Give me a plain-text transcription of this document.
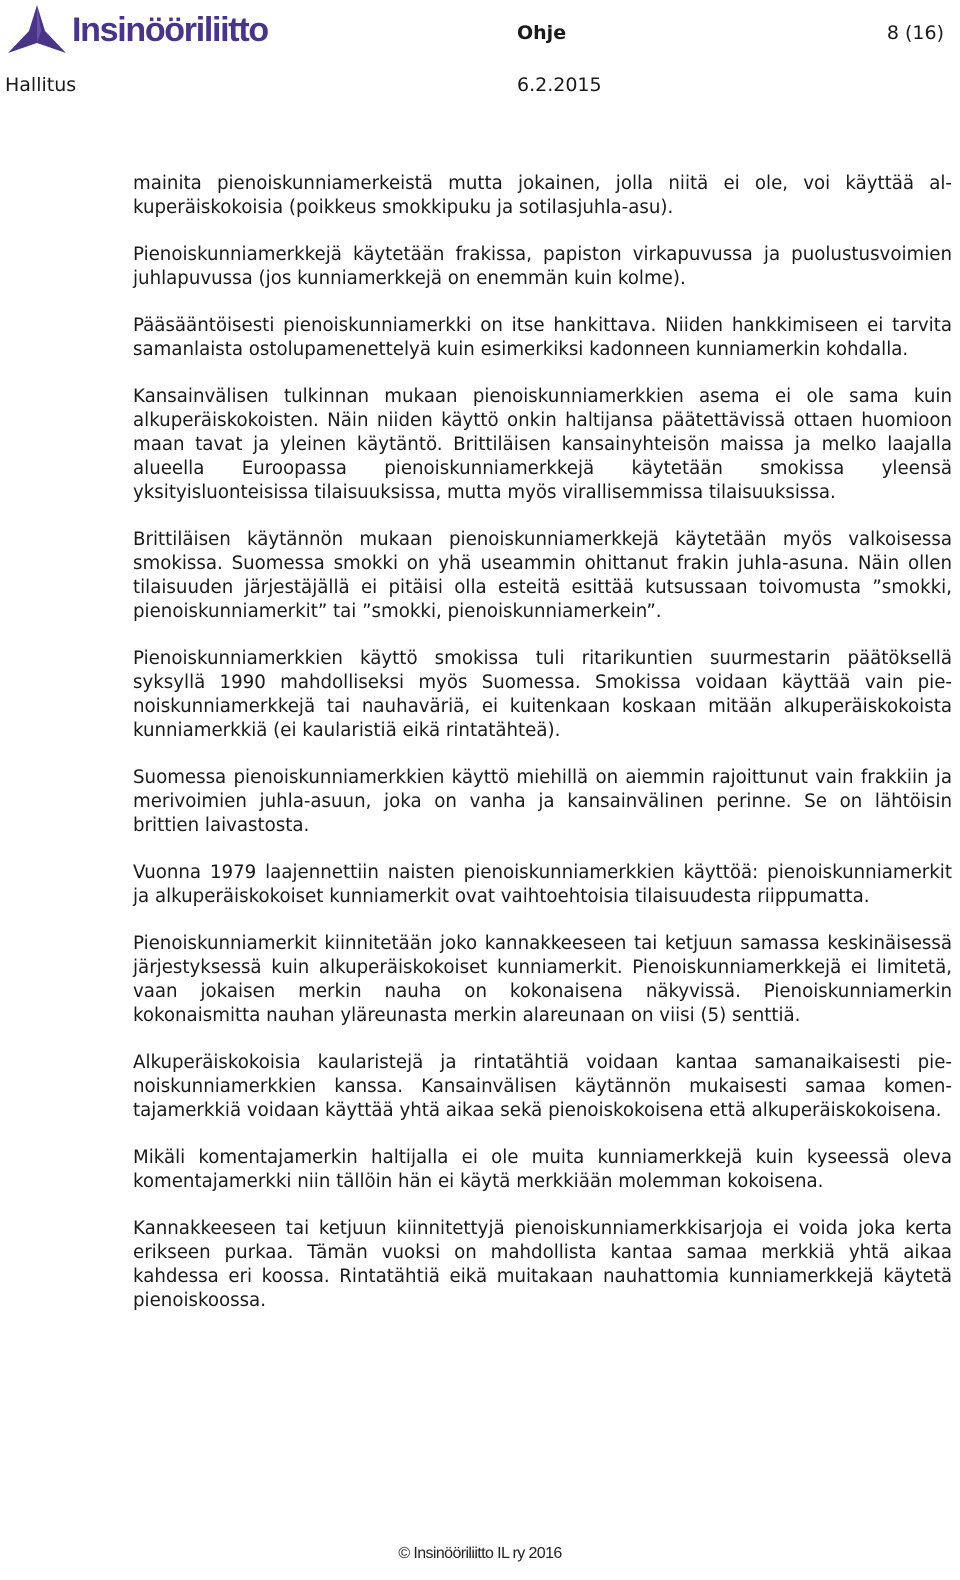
Insinööriliitto	Ohje	8 (16)
Hallitus	6.2.2015

mainita pienoiskunniamerkeistä mutta jokainen, jolla niitä ei ole, voi käyttää alkuperäiskokoisia (poikkeus smokkipuku ja sotilasjuhla-asu).

Pienoiskunniamerkkejä käytetään frakissa, papiston virkapuvussa ja puolustusvoimien juhlapuvussa (jos kunniamerkkejä on enemmän kuin kolme).

Pääsääntöisesti pienoiskunniamerkki on itse hankittava. Niiden hankkimiseen ei tarvita samanlaista ostolupamenettelyä kuin esimerkiksi kadonneen kunniamerkin kohdalla.

Kansainvälisen tulkinnan mukaan pienoiskunniamerkkien asema ei ole sama kuin alkuperäiskokoisten. Näin niiden käyttö onkin haltijansa päätettävissä ottaen huomioon maan tavat ja yleinen käytäntö. Brittiläisen kansainyhteisön maissa ja melko laajalla alueella Euroopassa pienoiskunniamerkkejä käytetään smokissa yleensä yksityisluonteisissa tilaisuuksissa, mutta myös virallisemmissa tilaisuuksissa.

Brittiläisen käytännön mukaan pienoiskunniamerkkejä käytetään myös valkoisessa smokissa. Suomessa smokki on yhä useammin ohittanut frakin juhla-asuna. Näin ollen tilaisuuden järjestäjällä ei pitäisi olla esteitä esittää kutsussaan toivomusta ”smokki, pienoiskunniamerkit” tai ”smokki, pienoiskunniamerkein”.

Pienoiskunniamerkkien käyttö smokissa tuli ritarikuntien suurmestarin päätöksellä syksyllä 1990 mahdolliseksi myös Suomessa. Smokissa voidaan käyttää vain pienoiskunniamerkkejä tai nauhaväriä, ei kuitenkaan koskaan mitään alkuperäiskokoista kunniamerkkiä (ei kaularistiä eikä rintatähteä).

Suomessa pienoiskunniamerkkien käyttö miehillä on aiemmin rajoittunut vain frakkiin ja merivoimien juhla-asuun, joka on vanha ja kansainvälinen perinne. Se on lähtöisin brittien laivastosta.

Vuonna 1979 laajennettiin naisten pienoiskunniamerkkien käyttöä: pienoiskunniamerkit ja alkuperäiskokoiset kunniamerkit ovat vaihtoehtoisia tilaisuudesta riippumatta.

Pienoiskunniamerkit kiinnitetään joko kannakkeeseen tai ketjuun samassa keskinäisessä järjestyksessä kuin alkuperäiskokoiset kunniamerkit. Pienoiskunniamerkkejä ei limitetä, vaan jokaisen merkin nauha on kokonaisena näkyvissä. Pienoiskunniamerkin kokonaismitta nauhan yläreunasta merkin alareunaan on viisi (5) senttiä.

Alkuperäiskokoisia kaularistejä ja rintatähtiä voidaan kantaa samanaikaisesti pienoiskunniamerkkien kanssa. Kansainvälisen käytännön mukaisesti samaa komentajamerkkiä voidaan käyttää yhtä aikaa sekä pienoiskokoisena että alkuperäiskokoisena.

Mikäli komentajamerkin haltijalla ei ole muita kunniamerkkejä kuin kyseessä oleva komentajamerkki niin tällöin hän ei käytä merkkiään molemman kokoisena.

Kannakkeeseen tai ketjuun kiinnitettyjä pienoiskunniamerkkisarjoja ei voida joka kerta erikseen purkaa. Tämän vuoksi on mahdollista kantaa samaa merkkiä yhtä aikaa kahdessa eri koossa. Rintatähtiä eikä muitakaan nauhattomia kunniamerkkejä käytetä pienoiskoossa.

© Insinööriliitto IL ry 2016
